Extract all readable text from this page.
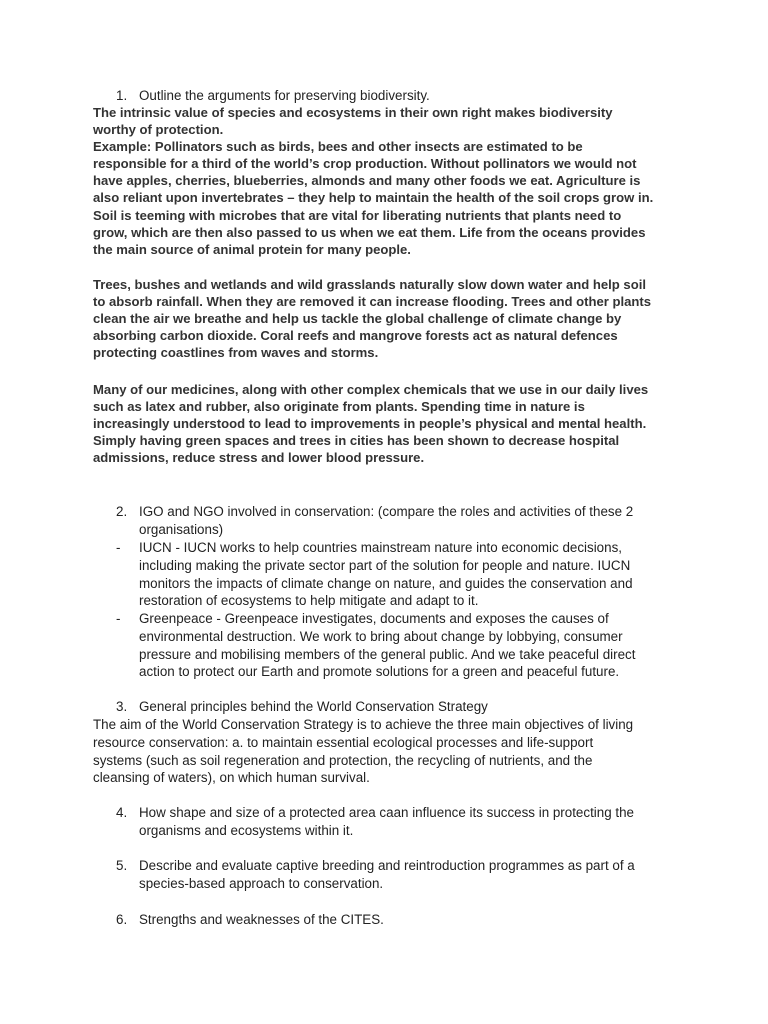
1. Outline the arguments for preserving biodiversity.
The intrinsic value of species and ecosystems in their own right makes biodiversity
worthy of protection.
Example: Pollinators such as birds, bees and other insects are estimated to be
responsible for a third of the world’s crop production. Without pollinators we would not
have apples, cherries, blueberries, almonds and many other foods we eat. Agriculture is
also reliant upon invertebrates – they help to maintain the health of the soil crops grow in.
Soil is teeming with microbes that are vital for liberating nutrients that plants need to
grow, which are then also passed to us when we eat them. Life from the oceans provides
the main source of animal protein for many people.
Trees, bushes and wetlands and wild grasslands naturally slow down water and help soil
to absorb rainfall. When they are removed it can increase flooding. Trees and other plants
clean the air we breathe and help us tackle the global challenge of climate change by
absorbing carbon dioxide. Coral reefs and mangrove forests act as natural defences
protecting coastlines from waves and storms.
Many of our medicines, along with other complex chemicals that we use in our daily lives
such as latex and rubber, also originate from plants. Spending time in nature is
increasingly understood to lead to improvements in people’s physical and mental health.
Simply having green spaces and trees in cities has been shown to decrease hospital
admissions, reduce stress and lower blood pressure.
2. IGO and NGO involved in conservation: (compare the roles and activities of these 2
organisations)
- IUCN - IUCN works to help countries mainstream nature into economic decisions,
including making the private sector part of the solution for people and nature. IUCN
monitors the impacts of climate change on nature, and guides the conservation and
restoration of ecosystems to help mitigate and adapt to it.
- Greenpeace - Greenpeace investigates, documents and exposes the causes of
environmental destruction. We work to bring about change by lobbying, consumer
pressure and mobilising members of the general public. And we take peaceful direct
action to protect our Earth and promote solutions for a green and peaceful future.
3. General principles behind the World Conservation Strategy
The aim of the World Conservation Strategy is to achieve the three main objectives of living
resource conservation: a. to maintain essential ecological processes and life-support
systems (such as soil regeneration and protection, the recycling of nutrients, and the
cleansing of waters), on which human survival.
4. How shape and size of a protected area caan influence its success in protecting the
organisms and ecosystems within it.
5. Describe and evaluate captive breeding and reintroduction programmes as part of a
species-based approach to conservation.
6. Strengths and weaknesses of the CITES.
